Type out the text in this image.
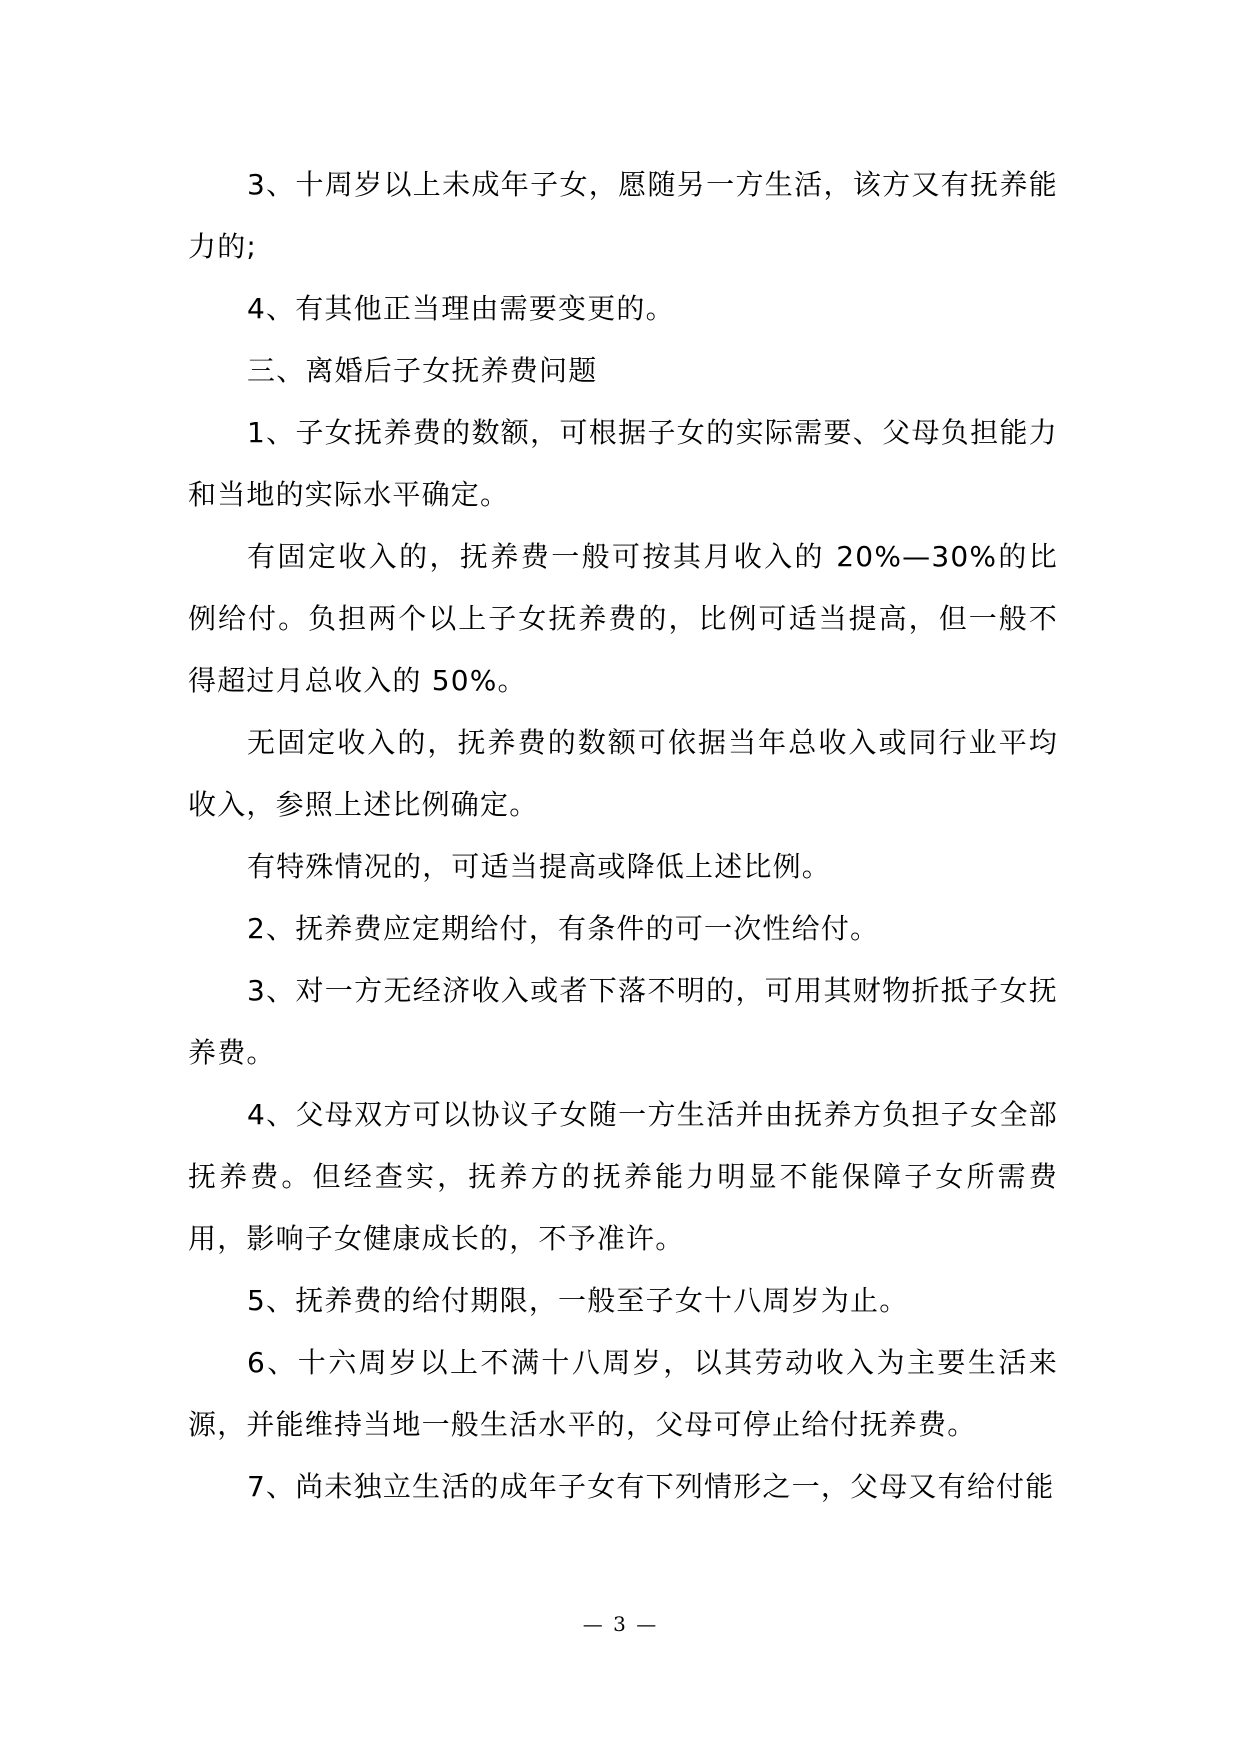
3、十周岁以上未成年子女，愿随另一方生活，该方又有抚养能力的;

4、有其他正当理由需要变更的。

三、离婚后子女抚养费问题

1、子女抚养费的数额，可根据子女的实际需要、父母负担能力和当地的实际水平确定。

有固定收入的，抚养费一般可按其月收入的 20%—30%的比例给付。负担两个以上子女抚养费的，比例可适当提高，但一般不得超过月总收入的 50%。

无固定收入的，抚养费的数额可依据当年总收入或同行业平均收入，参照上述比例确定。

有特殊情况的，可适当提高或降低上述比例。

2、抚养费应定期给付，有条件的可一次性给付。

3、对一方无经济收入或者下落不明的，可用其财物折抵子女抚养费。

4、父母双方可以协议子女随一方生活并由抚养方负担子女全部抚养费。但经查实，抚养方的抚养能力明显不能保障子女所需费用，影响子女健康成长的，不予准许。

5、抚养费的给付期限，一般至子女十八周岁为止。

6、十六周岁以上不满十八周岁，以其劳动收入为主要生活来源，并能维持当地一般生活水平的，父母可停止给付抚养费。

7、尚未独立生活的成年子女有下列情形之一，父母又有给付能

— 3 —
